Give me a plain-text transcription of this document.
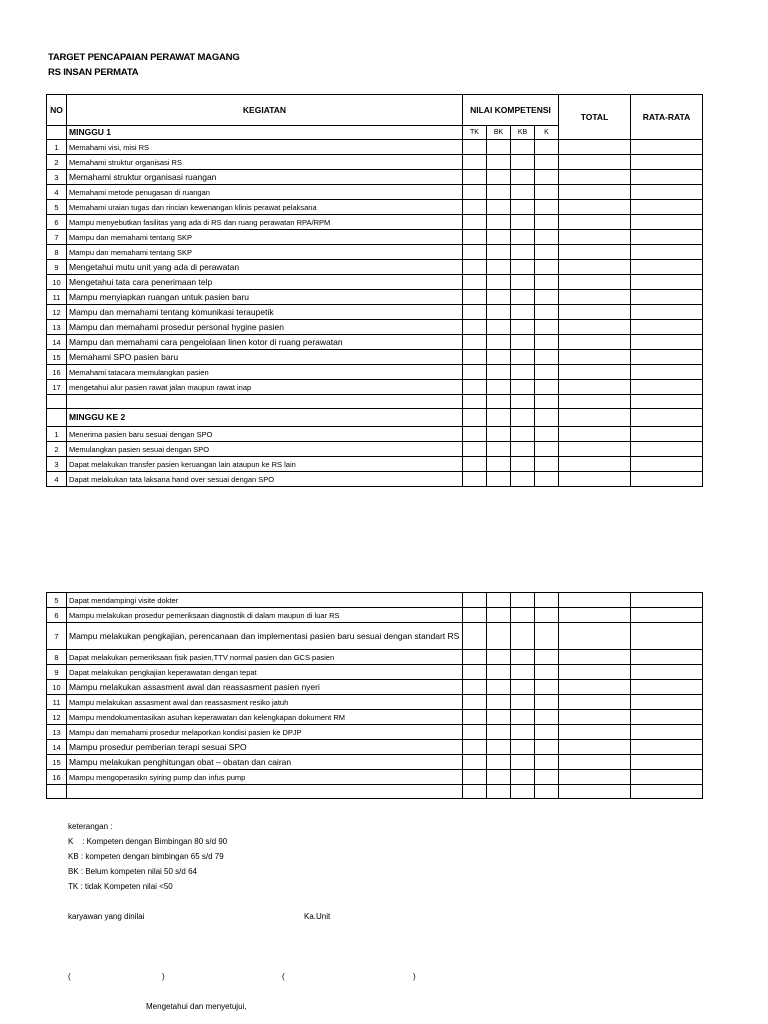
TARGET PENCAPAIAN PERAWAT MAGANG
RS INSAN PERMATA
NO	KEGIATAN	NILAI KOMPETENSI				TOTAL	RATA-RATA
	MINGGU 1	TK	BK	KB	K		
1	Memahami visi, misi RS						
2	Memahami struktur organisasi RS						
3	Memahami struktur organisasi ruangan						
4	Memahami metode penugasan di ruangan						
5	Memahami uraian tugas dan rincian kewenangan klinis perawat pelaksana						
6	Mampu menyebutkan fasilitas yang ada di RS dan ruang perawatan RPA/RPM						
7	Mampu dan memahami tentang SKP						
8	Mampu dan memahami tentang SKP						
9	Mengetahui mutu unit yang ada di perawatan						
10	Mengetahui tata cara penerimaan telp						
11	Mampu menyiapkan ruangan untuk pasien baru						
12	Mampu dan memahami tentang komunikasi teraupetik						
13	Mampu dan memahami prosedur personal hygine pasien						
14	Mampu dan memahami cara pengelolaan linen kotor di ruang perawatan						
15	Memahami SPO pasien baru						
16	Memahami tatacara memulangkan pasien						
17	mengetahui alur pasien rawat jalan maupun rawat inap						

	MINGGU KE 2						
1	Menerima pasien baru sesuai dengan SPO						
2	Memulangkan pasien sesuai dengan SPO						
3	Dapat melakukan transfer pasien keruangan lain ataupun ke RS lain						
4	Dapat melakukan tata laksana hand over sesuai dengan SPO						
5	Dapat mendampingi visite dokter						
6	Mampu melakukan prosedur pemeriksaan diagnostik di dalam maupun di luar RS						
7	Mampu melakukan pengkajian, perencanaan dan implementasi pasien baru sesuai dengan standart RS						
8	Dapat melakukan pemeriksaan fisik pasien,TTV normal pasien dan GCS pasien						
9	Dapat melakukan pengkajian keperawatan dengan tepat						
10	Mampu melakukan assasment awal dan reassasment pasien nyeri						
11	Mampu melakukan assasment awal dan reassasment resiko jatuh						
12	Mampu mendokumentasikan asuhan keperawatan dan kelengkapan dokument RM						
13	Mampu dan memahami prosedur melaporkan kondisi pasien ke DPJP						
14	Mampu prosedur pemberian terapi sesuai SPO						
15	Mampu melakukan penghitungan obat – obatan dan cairan						
16	Mampu mengoperasikn syiring pump dan infus pump						

keterangan :
K    : Kompeten dengan Bimbingan 80 s/d 90
KB : kompeten dengan bimbingan 65 s/d 79
BK : Belum kompeten nilai 50 s/d 64
TK : tidak Kompeten nilai <50
karyawan yang dinilai	Ka.Unit
(	)	(	)
Mengetahui dan menyetujui,
